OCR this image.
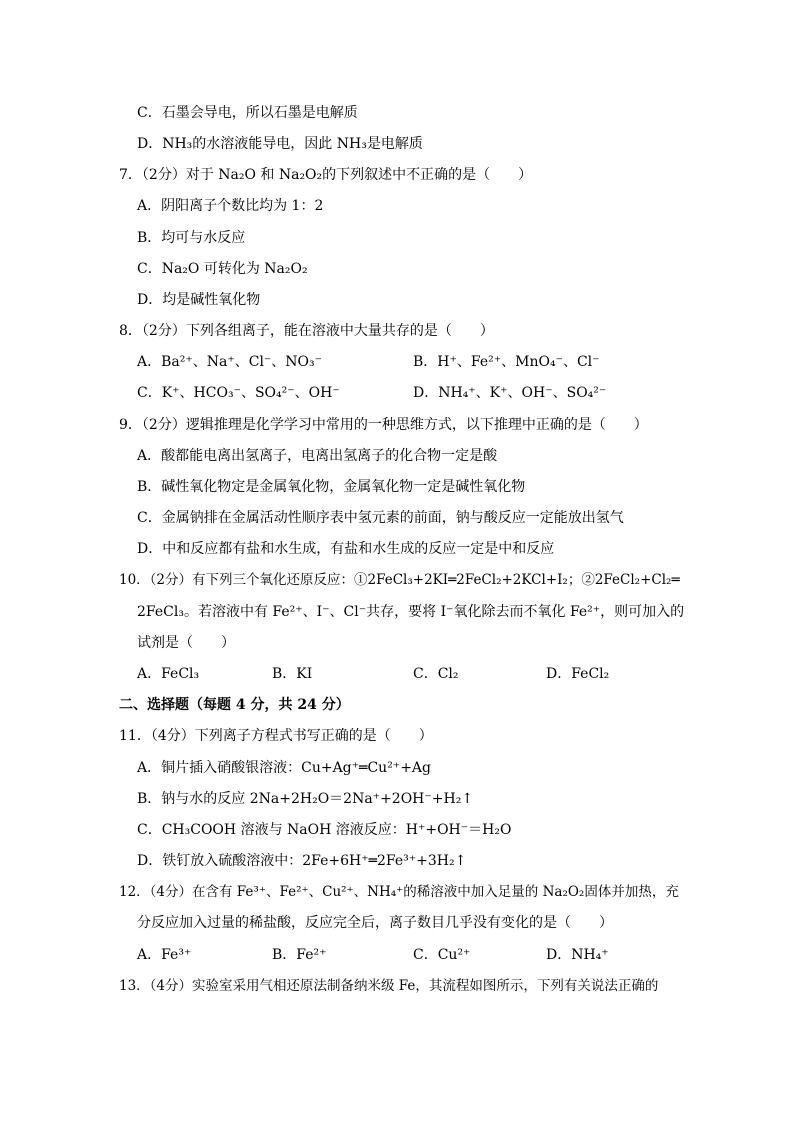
C．石墨会导电，所以石墨是电解质
D．NH₃的水溶液能导电，因此 NH₃是电解质
7．（2分）对于 Na₂O 和 Na₂O₂的下列叙述中不正确的是（　　）
A．阴阳离子个数比均为 1：2
B．均可与水反应
C．Na₂O 可转化为 Na₂O₂
D．均是碱性氧化物
8．（2分）下列各组离子，能在溶液中大量共存的是（　　）
A．Ba²⁺、Na⁺、Cl⁻、NO₃⁻	B．H⁺、Fe²⁺、MnO₄⁻、Cl⁻
C．K⁺、HCO₃⁻、SO₄²⁻、OH⁻	D．NH₄⁺、K⁺、OH⁻、SO₄²⁻
9．（2分）逻辑推理是化学学习中常用的一种思维方式，以下推理中正确的是（　　）
A．酸都能电离出氢离子，电离出氢离子的化合物一定是酸
B．碱性氧化物定是金属氧化物，金属氧化物一定是碱性氧化物
C．金属钠排在金属活动性顺序表中氢元素的前面，钠与酸反应一定能放出氢气
D．中和反应都有盐和水生成，有盐和水生成的反应一定是中和反应
10．（2分）有下列三个氧化还原反应：①2FeCl₃+2KI═2FeCl₂+2KCl+I₂；②2FeCl₂+Cl₂═
2FeCl₃。若溶液中有 Fe²⁺、I⁻、Cl⁻共存，要将 I⁻氧化除去而不氧化 Fe²⁺，则可加入的
试剂是（　　）
A．FeCl₃	B．KI	C．Cl₂	D．FeCl₂
二、选择题（每题 4 分，共 24 分）
11．（4分）下列离子方程式书写正确的是（　　）
A．铜片插入硝酸银溶液：Cu+Ag⁺═Cu²⁺+Ag
B．钠与水的反应 2Na+2H₂O＝2Na⁺+2OH⁻+H₂↑
C．CH₃COOH 溶液与 NaOH 溶液反应：H⁺+OH⁻＝H₂O
D．铁钉放入硫酸溶液中：2Fe+6H⁺═2Fe³⁺+3H₂↑
12．（4分）在含有 Fe³⁺、Fe²⁺、Cu²⁺、NH₄⁺的稀溶液中加入足量的 Na₂O₂固体并加热，充
分反应加入过量的稀盐酸，反应完全后，离子数目几乎没有变化的是（　　）
A．Fe³⁺	B．Fe²⁺	C．Cu²⁺	D．NH₄⁺
13．（4分）实验室采用气相还原法制备纳米级 Fe，其流程如图所示，下列有关说法正确的
